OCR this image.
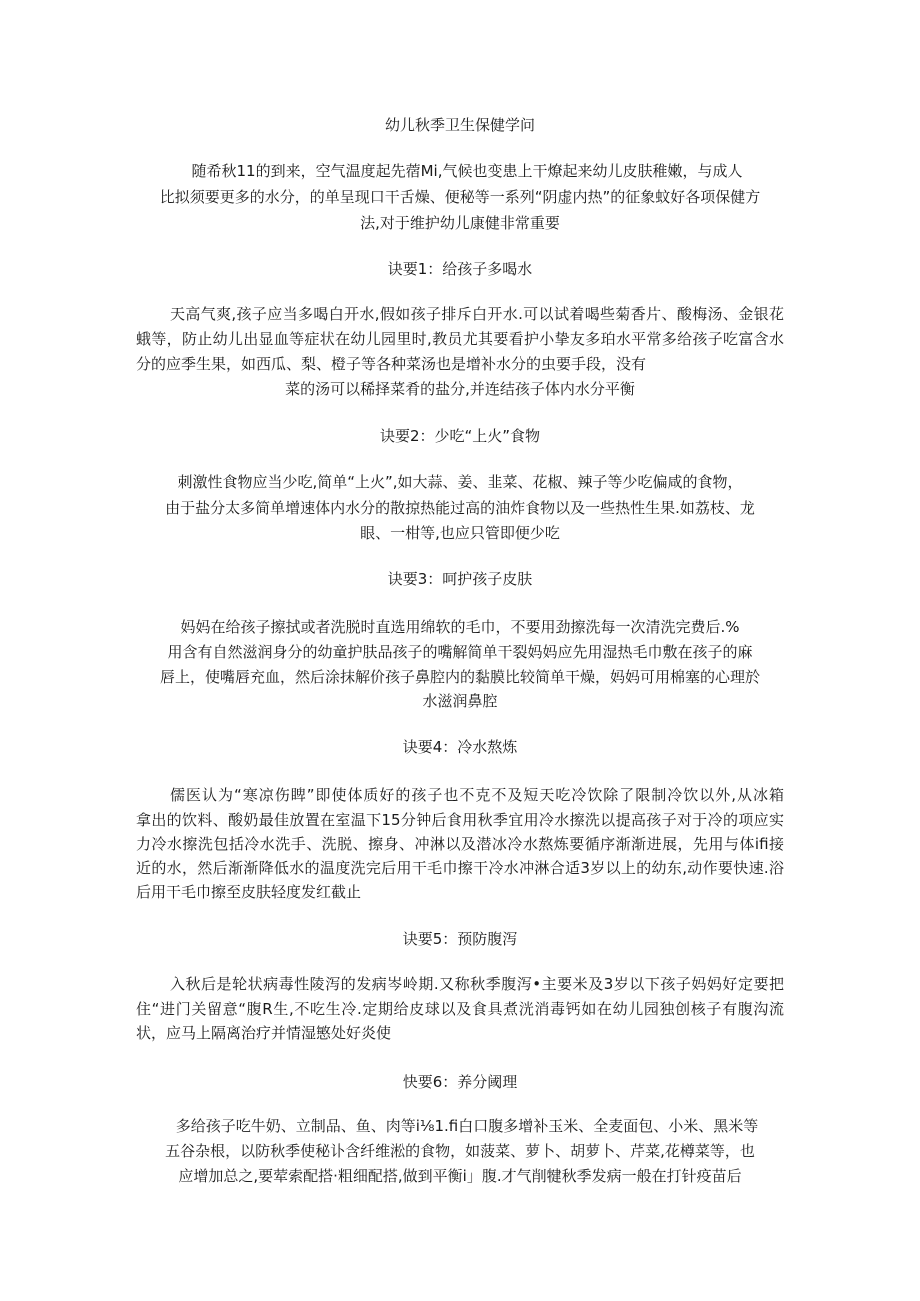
幼儿秋季卫生保健学问
随希秋11的到来，空气温度起先蓿Mi,气候也变患上干燎起来幼儿皮肤稚嫩，与成人
比拟须要更多的水分，的单呈现口干舌燥、便秘等一系列“阴虚内热”的征象蚊好各项保健方
法,对于维护幼儿康健非常重要
诀要1：给孩子多喝水
天高气爽,孩子应当多喝白开水,假如孩子排斥白开水.可以试着喝些菊香片、酸梅汤、金银花
蛾等，防止幼儿出显血等症状在幼儿园里时,教员尤其要看护小挚友多珀水平常多给孩子吃富含水
分的应季生果，如西瓜、梨、橙子等各种菜汤也是增补水分的虫要手段，没有
菜的汤可以稀择菜肴的盐分,并连结孩子体内水分平衡
诀要2：少吃“上火”食物
刺激性食物应当少吃,简单“上火”,如大蒜、姜、韭菜、花椒、辣子等少吃偏咸的食物，
由于盐分太多简单增速体内水分的散掠热能过高的油炸食物以及一些热性生果.如荔枝、龙
眼、一柑等,也应只管即便少吃
诀要3：呵护孩子皮肤
妈妈在给孩子擦拭或者洗脱时直选用绵软的毛巾，不要用劲擦洗每一次清洗完费后.%
用含有自然滋润身分的幼童护肤品孩子的嘴解简单干裂妈妈应先用湿热毛巾敷在孩子的麻
唇上，使嘴唇充血，然后涂抹解价孩子鼻腔内的黏膜比较简单干燥，妈妈可用棉塞的心理於
水滋润鼻腔
诀要4：冷水熬炼
儒医认为“寒凉伤睥”即使体质好的孩子也不克不及短天吃冷饮除了限制冷饮以外,从冰箱
拿出的饮料、酸奶最佳放置在室温下15分钟后食用秋季宜用冷水擦洗以提高孩子对于冷的项应实
力冷水擦洗包括冷水洗手、洗脱、擦身、冲淋以及潜冰冷水熬炼要循序渐渐进展，先用与体ifi接
近的水，然后渐渐降低水的温度洗完后用干毛巾擦干冷水冲淋合适3岁以上的幼东,动作要快速.浴
后用干毛巾擦至皮肤轻度发红截止
诀要5：预防腹泻
入秋后是轮状病毒性陵泻的发病岑岭期.又称秋季腹泻•主要米及3岁以下孩子妈妈好定要把
住“进门关留意“腹R生,不吃生冷.定期给皮球以及食具煮洸消毒钙如在幼儿园独创核子有腹沟流
状，应马上隔离治疗并情湿慜处好炎使
快要6：养分阈理
多给孩子吃牛奶、立制品、鱼、肉等i⅛1.fi白口腹多增补玉米、全麦面包、小米、黑米等
五谷杂根，以防秋季使秘讣含纤维淞的食物，如菠菜、萝卜、胡萝卜、芹菜,花樽菜等，也
应增加总之,要荤索配搭·粗细配搭,做到平衡i」腹.才气削犍秋季发病一般在打针疫苗后
